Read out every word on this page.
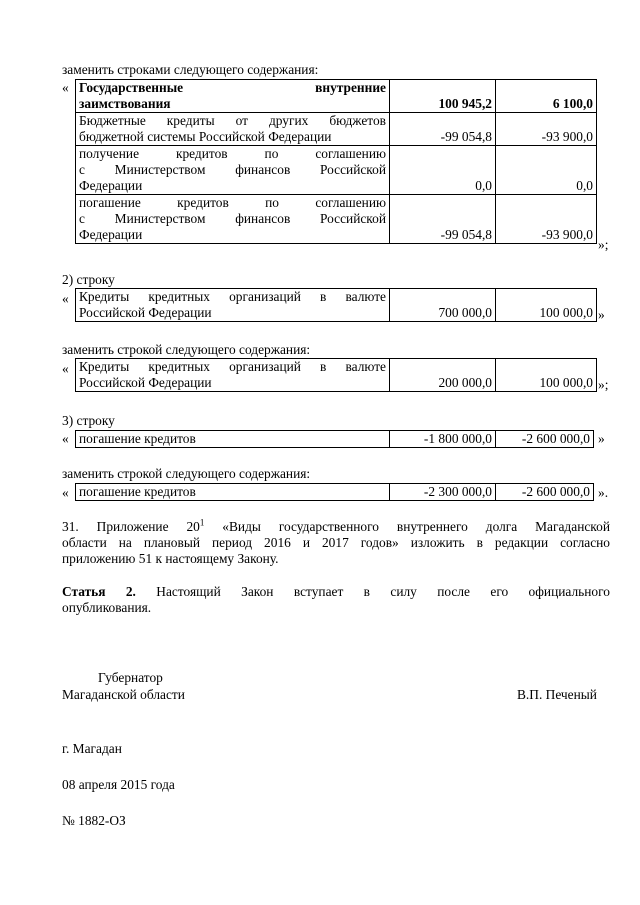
заменить строками следующего содержания:
« Государственные внутренние
заимствования	100 945,2	6 100,0

Бюджетные кредиты от других бюджетов
бюджетной системы Российской Федерации	-99 054,8	-93 900,0

получение кредитов по соглашению
с Министерством финансов Российской
Федерации	0,0	0,0

погашение кредитов по соглашению
с Министерством финансов Российской
Федерации	-99 054,8	-93 900,0
»;
2) строку
« Кредиты кредитных организаций в валюте
Российской Федерации	700 000,0	100 000,0 »
заменить строкой следующего содержания:
« Кредиты кредитных организаций в валюте
Российской Федерации	200 000,0	100 000,0 »;
3) строку
« погашение кредитов	-1 800 000,0	-2 600 000,0 »
заменить строкой следующего содержания:
« погашение кредитов	-2 300 000,0	-2 600 000,0 ».
31. Приложение $20^1$ «Виды государственного внутреннего долга Магаданской
области на плановый период 2016 и 2017 годов» изложить в редакции согласно
приложению 51 к настоящему Закону.
Статья 2. Настоящий Закон вступает в силу после его официального
опубликования.
Губернатор
Магаданской области	В.П. Печеный
г. Магадан
08 апреля 2015 года
№ 1882-ОЗ
